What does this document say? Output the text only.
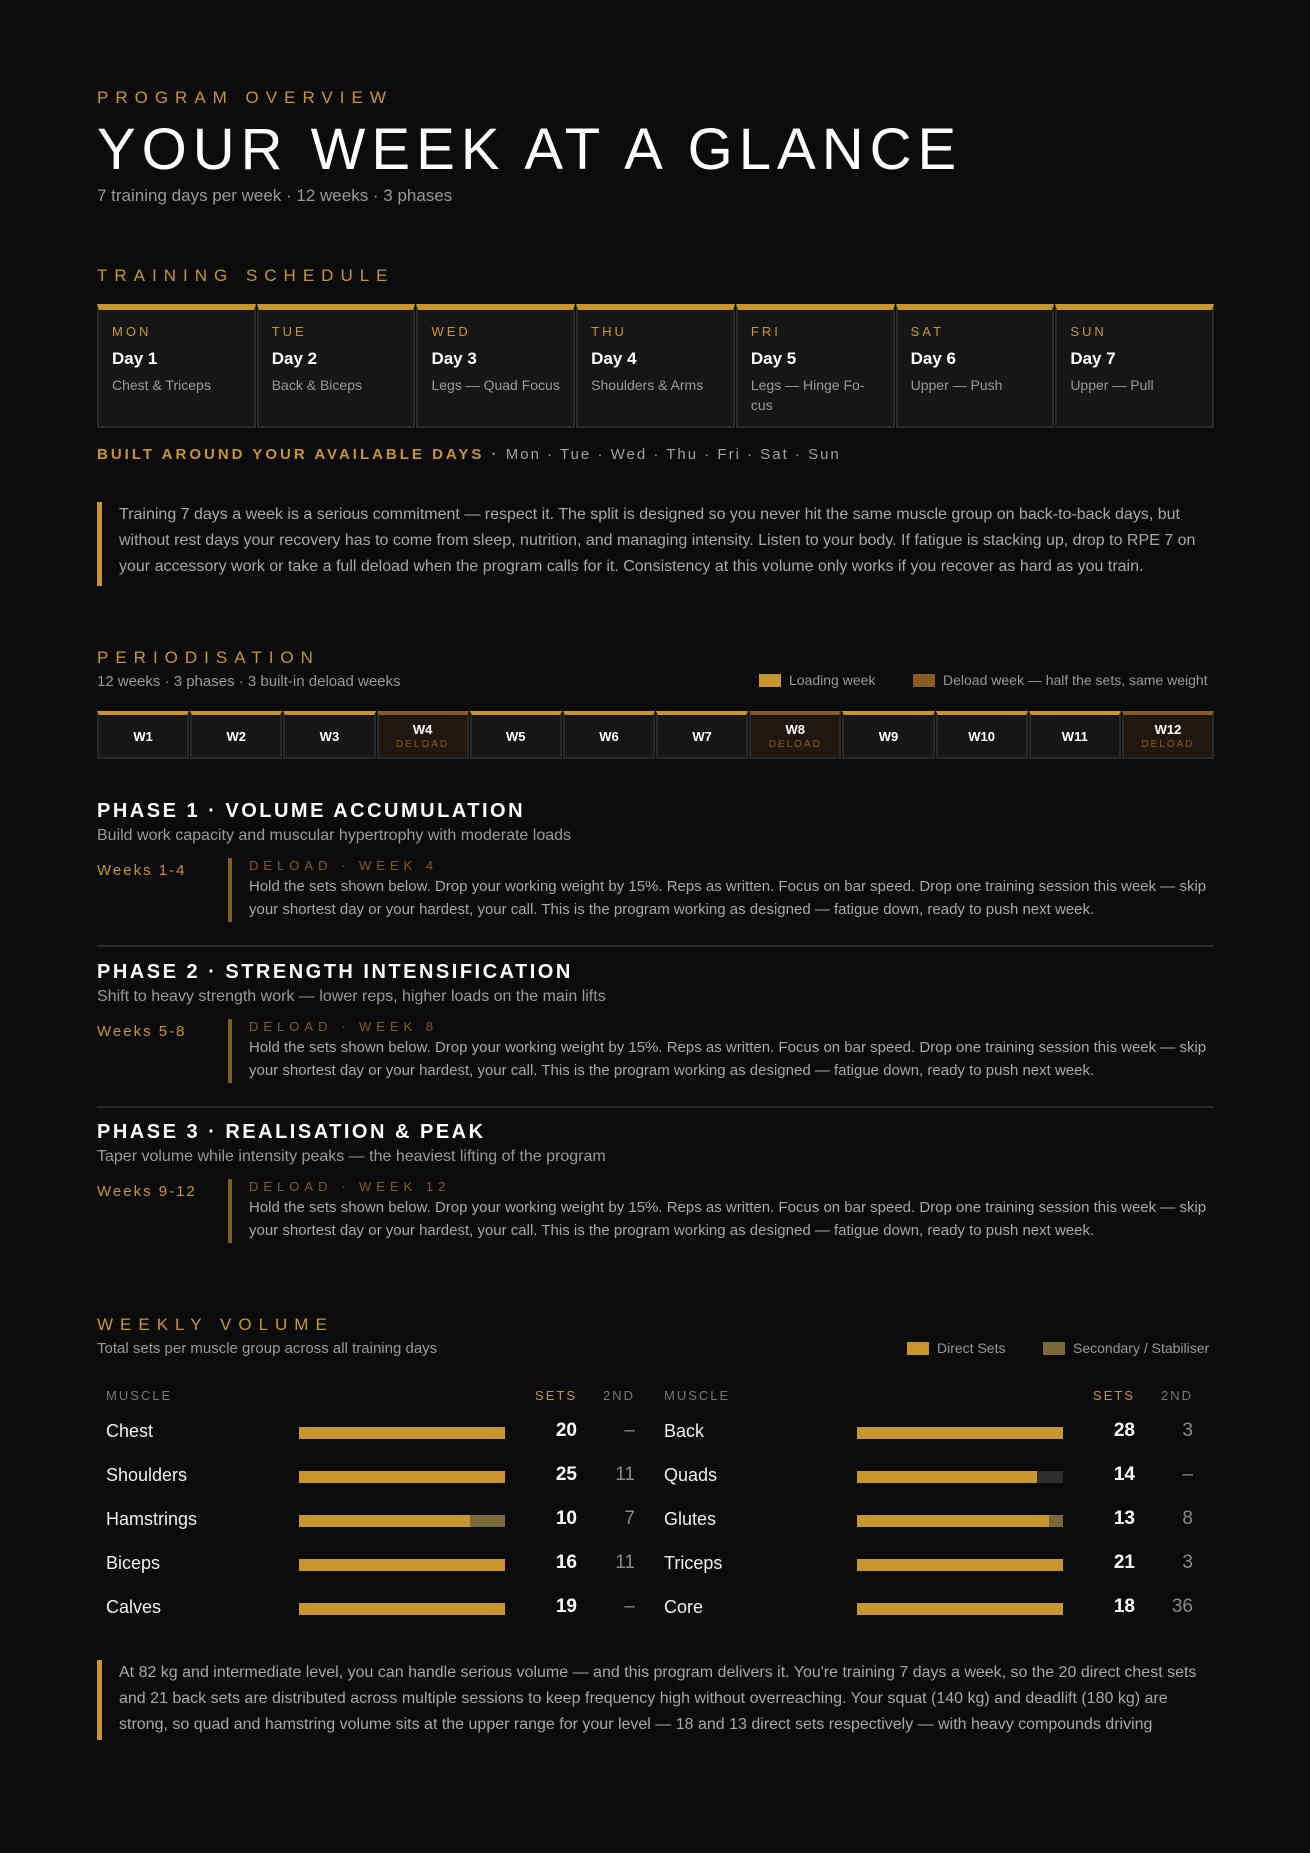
PROGRAM OVERVIEW
YOUR WEEK AT A GLANCE
7 training days per week · 12 weeks · 3 phases
TRAINING SCHEDULE
MON
Day 1
Chest & Triceps
TUE
Day 2
Back & Biceps
WED
Day 3
Legs — Quad Focus
THU
Day 4
Shoulders & Arms
FRI
Day 5
Legs — Hinge Fo- cus
SAT
Day 6
Upper — Push
SUN
Day 7
Upper — Pull
BUILT AROUND YOUR AVAILABLE DAYS · Mon · Tue · Wed · Thu · Fri · Sat · Sun
Training 7 days a week is a serious commitment — respect it. The split is designed so you never hit the same muscle group on back-to-back days, but without rest days your recovery has to come from sleep, nutrition, and managing intensity. Listen to your body. If fatigue is stacking up, drop to RPE 7 on your accessory work or take a full deload when the program calls for it. Consistency at this volume only works if you recover as hard as you train.
PERIODISATION
12 weeks · 3 phases · 3 built-in deload weeks	Loading week	Deload week — half the sets, same weight
W1	W2	W3	W4
DELOAD
W5	W6	W7	W8
DELOAD
W9	W10	W11	W12
DELOAD
PHASE 1 · VOLUME ACCUMULATION
Build work capacity and muscular hypertrophy with moderate loads
Weeks 1-4	DELOAD · WEEK 4
Hold the sets shown below. Drop your working weight by 15%. Reps as written. Focus on bar speed. Drop one training session this week — skip your shortest day or your hardest, your call. This is the program working as designed — fatigue down, ready to push next week.
PHASE 2 · STRENGTH INTENSIFICATION
Shift to heavy strength work — lower reps, higher loads on the main lifts
Weeks 5-8	DELOAD · WEEK 8
Hold the sets shown below. Drop your working weight by 15%. Reps as written. Focus on bar speed. Drop one training session this week — skip your shortest day or your hardest, your call. This is the program working as designed — fatigue down, ready to push next week.
PHASE 3 · REALISATION & PEAK
Taper volume while intensity peaks — the heaviest lifting of the program
Weeks 9-12	DELOAD · WEEK 12
Hold the sets shown below. Drop your working weight by 15%. Reps as written. Focus on bar speed. Drop one training session this week — skip your shortest day or your hardest, your call. This is the program working as designed — fatigue down, ready to push next week.
WEEKLY VOLUME
Total sets per muscle group across all training days	Direct Sets	Secondary / Stabiliser
MUSCLE	SETS 2ND
Chest	20 –
Shoulders	25 11
Hamstrings	10 7
Biceps	16 11
Calves	19 –
MUSCLE	SETS 2ND
Back	28 3
Quads	14 –
Glutes	13 8
Triceps	21 3
Core	18 36
At 82 kg and intermediate level, you can handle serious volume — and this program delivers it. You're training 7 days a week, so the 20 direct chest sets and 21 back sets are distributed across multiple sessions to keep frequency high without overreaching. Your squat (140 kg) and deadlift (180 kg) are strong, so quad and hamstring volume sits at the upper range for your level — 18 and 13 direct sets respectively — with heavy compounds driving
